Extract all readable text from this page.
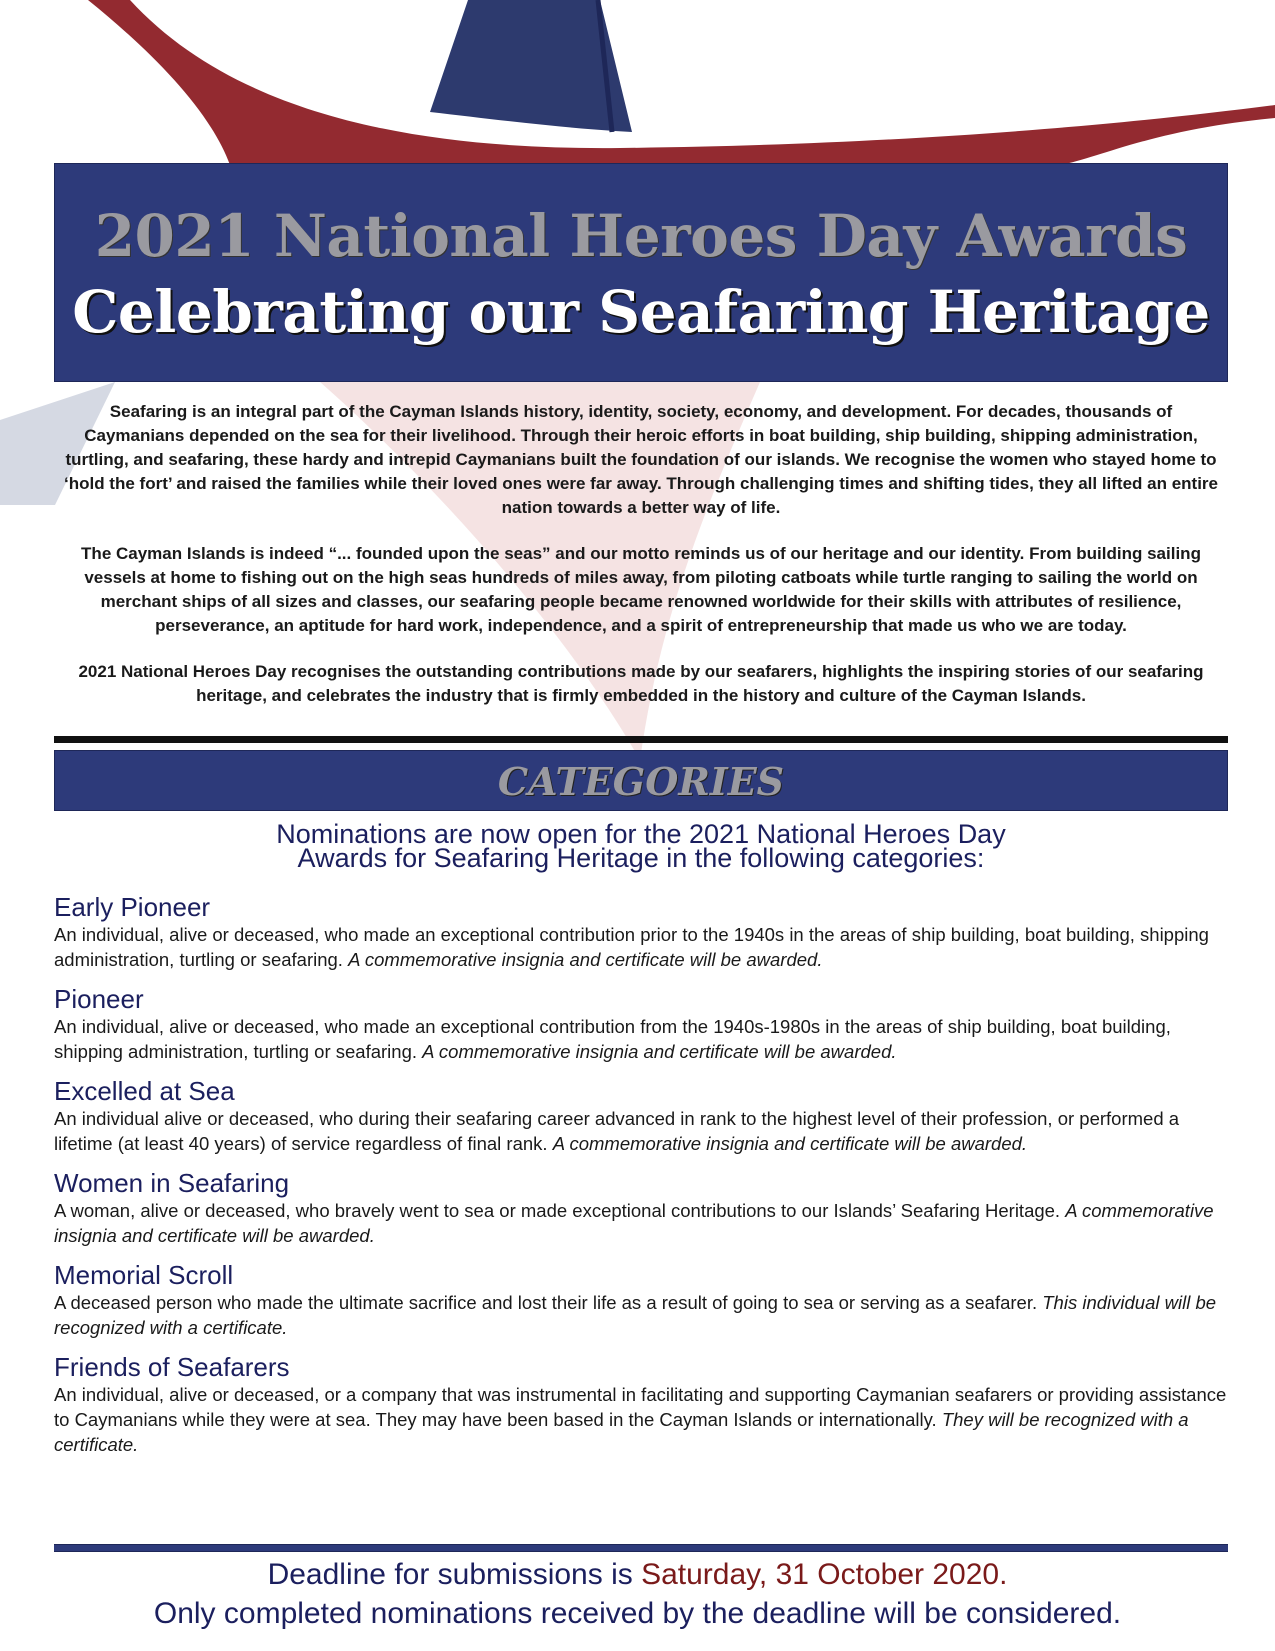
2021 National Heroes Day Awards
Celebrating our Seafaring Heritage

Seafaring is an integral part of the Cayman Islands history, identity, society, economy, and development. For decades, thousands of Caymanians depended on the sea for their livelihood. Through their heroic efforts in boat building, ship building, shipping administration, turtling, and seafaring, these hardy and intrepid Caymanians built the foundation of our islands. We recognise the women who stayed home to ‘hold the fort’ and raised the families while their loved ones were far away. Through challenging times and shifting tides, they all lifted an entire nation towards a better way of life.

The Cayman Islands is indeed “... founded upon the seas” and our motto reminds us of our heritage and our identity. From building sailing vessels at home to fishing out on the high seas hundreds of miles away, from piloting catboats while turtle ranging to sailing the world on merchant ships of all sizes and classes, our seafaring people became renowned worldwide for their skills with attributes of resilience, perseverance, an aptitude for hard work, independence, and a spirit of entrepreneurship that made us who we are today.

2021 National Heroes Day recognises the outstanding contributions made by our seafarers, highlights the inspiring stories of our seafaring heritage, and celebrates the industry that is firmly embedded in the history and culture of the Cayman Islands.

CATEGORIES
Nominations are now open for the 2021 National Heroes Day
Awards for Seafaring Heritage in the following categories:
Early Pioneer

An individual, alive or deceased, who made an exceptional contribution prior to the 1940s in the areas of ship building, boat building, shipping administration, turtling or seafaring. A commemorative insignia and certificate will be awarded.

Pioneer

An individual, alive or deceased, who made an exceptional contribution from the 1940s-1980s in the areas of ship building, boat building, shipping administration, turtling or seafaring. A commemorative insignia and certificate will be awarded.

Excelled at Sea

An individual alive or deceased, who during their seafaring career advanced in rank to the highest level of their profession, or performed a lifetime (at least 40 years) of service regardless of final rank. A commemorative insignia and certificate will be awarded.

Women in Seafaring

A woman, alive or deceased, who bravely went to sea or made exceptional contributions to our Islands’ Seafaring Heritage. A commemorative insignia and certificate will be awarded.

Memorial Scroll

A deceased person who made the ultimate sacrifice and lost their life as a result of going to sea or serving as a seafarer. This individual will be recognized with a certificate.

Friends of Seafarers

An individual, alive or deceased, or a company that was instrumental in facilitating and supporting Caymanian seafarers or providing assistance to Caymanians while they were at sea. They may have been based in the Cayman Islands or internationally. They will be recognized with a certificate.

Deadline for submissions is Saturday, 31 October 2020.
Only completed nominations received by the deadline will be considered.
